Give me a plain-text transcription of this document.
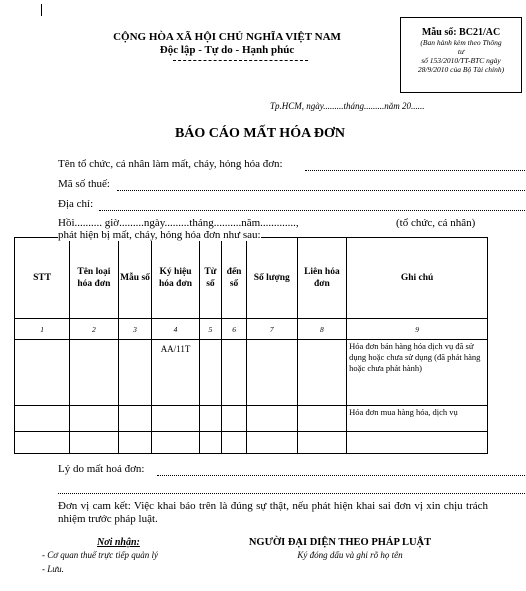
CỘNG HÒA XÃ HỘI CHỦ NGHĨA VIỆT NAM
Độc lập - Tự do - Hạnh phúc
Mẫu số: BC21/AC
(Ban hành kèm theo Thông
tư
số 153/2010/TT-BTC ngày
28/9/2010 của Bộ Tài chính)
Tp.HCM, ngày.........tháng.........năm 20......
BÁO CÁO MẤT HÓA ĐƠN
Tên tổ chức, cá nhân làm mất, cháy, hỏng hóa đơn:
Mã số thuế:
Địa chỉ:
Hồi.......... giờ.........ngày.........tháng..........năm.............,	(tổ chức, cá nhân)
phát hiện bị mất, cháy, hỏng hóa đơn như sau:
STT	Tên loại hóa đơn	Mẫu số	Ký hiệu hóa đơn	Từ số	đến số	Số lượng	Liên hóa đơn	Ghi chú
1	2	3	4	5	6	7	8	9
			AA/11T					Hóa đơn bán hàng hóa dịch vụ đã sử dụng hoặc chưa sử dụng (đã phát hàng hoặc chưa phát hành)
								Hóa đơn mua hàng hóa, dịch vụ

Lý do mất hoá đơn:
Đơn vị cam kết: Việc khai báo trên là đúng sự thật, nếu phát hiện khai sai đơn vị xin chịu trách nhiệm trước pháp luật.
Nơi nhận:
- Cơ quan thuế trực tiếp quản lý
- Lưu.
NGƯỜI ĐẠI DIỆN THEO PHÁP LUẬT
Ký đóng dấu và ghi rõ họ tên
